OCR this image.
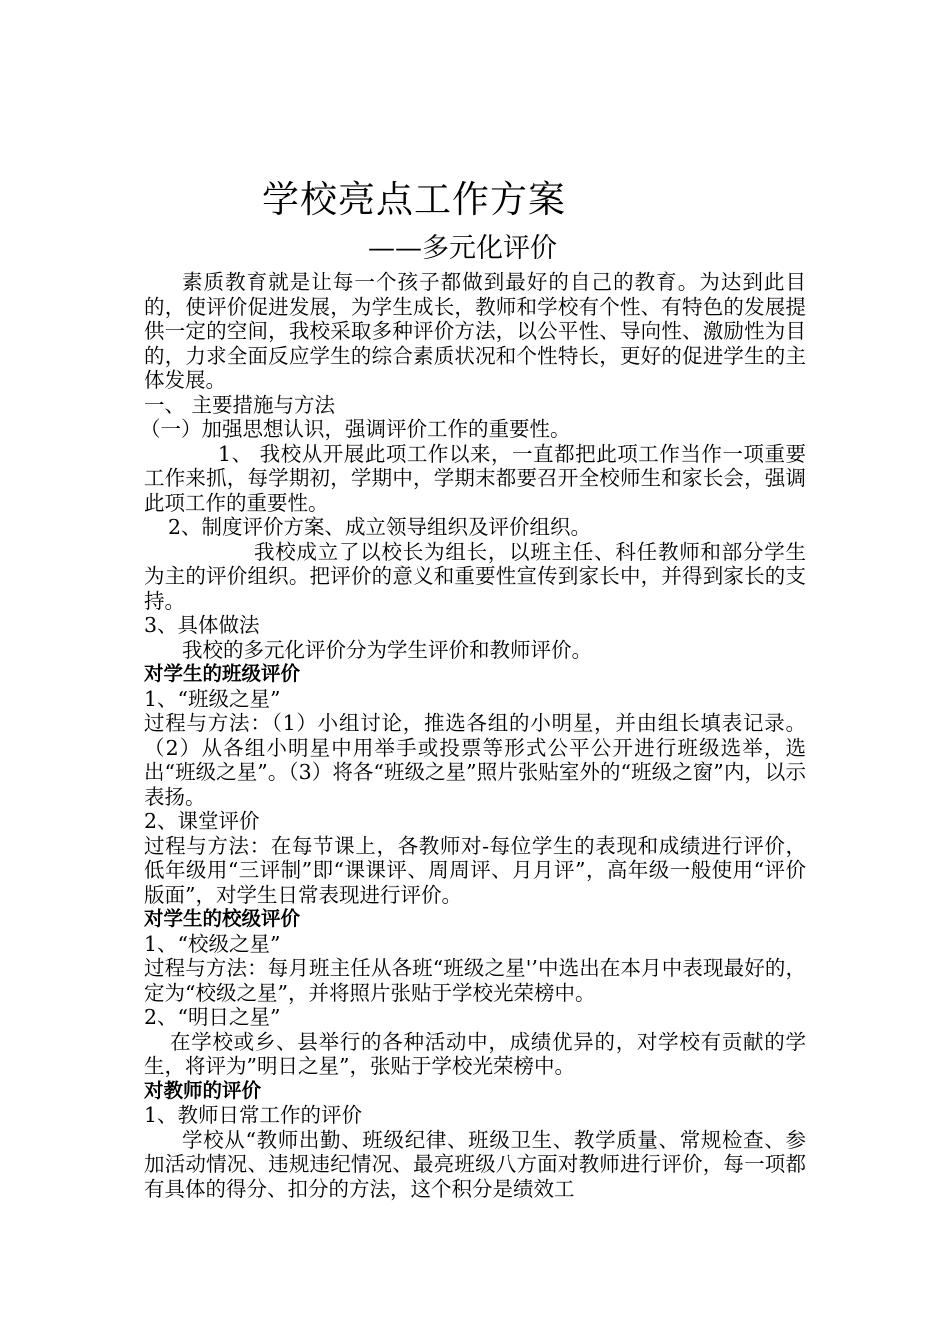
学校亮点工作方案
——多元化评价

素质教育就是让每一个孩子都做到最好的自己的教育。为达到此目的，使评价促进发展，为学生成长，教师和学校有个性、有特色的发展提供一定的空间，我校采取多种评价方法，以公平性、导向性、激励性为目的，力求全面反应学生的综合素质状况和个性特长，更好的促进学生的主体发展。

一、 主要措施与方法

（一）加强思想认识，强调评价工作的重要性。

1、 我校从开展此项工作以来，一直都把此项工作当作一项重要工作来抓，每学期初，学期中，学期末都要召开全校师生和家长会，强调此项工作的重要性。

2、制度评价方案、成立领导组织及评价组织。

我校成立了以校长为组长，以班主任、科任教师和部分学生为主的评价组织。把评价的意义和重要性宣传到家长中，并得到家长的支持。

3、具体做法

我校的多元化评价分为学生评价和教师评价。

对学生的班级评价

1、“班级之星”

过程与方法：（1）小组讨论，推选各组的小明星，并由组长填表记录。（2）从各组小明星中用举手或投票等形式公平公开进行班级选举，选出“班级之星”。（3）将各“班级之星”照片张贴室外的“班级之窗”内，以示表扬。

2、课堂评价

过程与方法：在每节课上，各教师对-每位学生的表现和成绩进行评价，低年级用“三评制”即“课课评、周周评、月月评”，高年级一般使用“评价版面”，对学生日常表现进行评价。

对学生的校级评价

1、“校级之星”

过程与方法：每月班主任从各班“班级之星'’中选出在本月中表现最好的，定为“校级之星”，并将照片张贴于学校光荣榜中。

2、“明日之星”

在学校或乡、县举行的各种活动中，成绩优异的，对学校有贡献的学生，将评为”明日之星”，张贴于学校光荣榜中。

对教师的评价

1、教师日常工作的评价

学校从“教师出勤、班级纪律、班级卫生、教学质量、常规检查、参加活动情况、违规违纪情况、最亮班级八方面对教师进行评价，每一项都有具体的得分、扣分的方法，这个积分是绩效工
